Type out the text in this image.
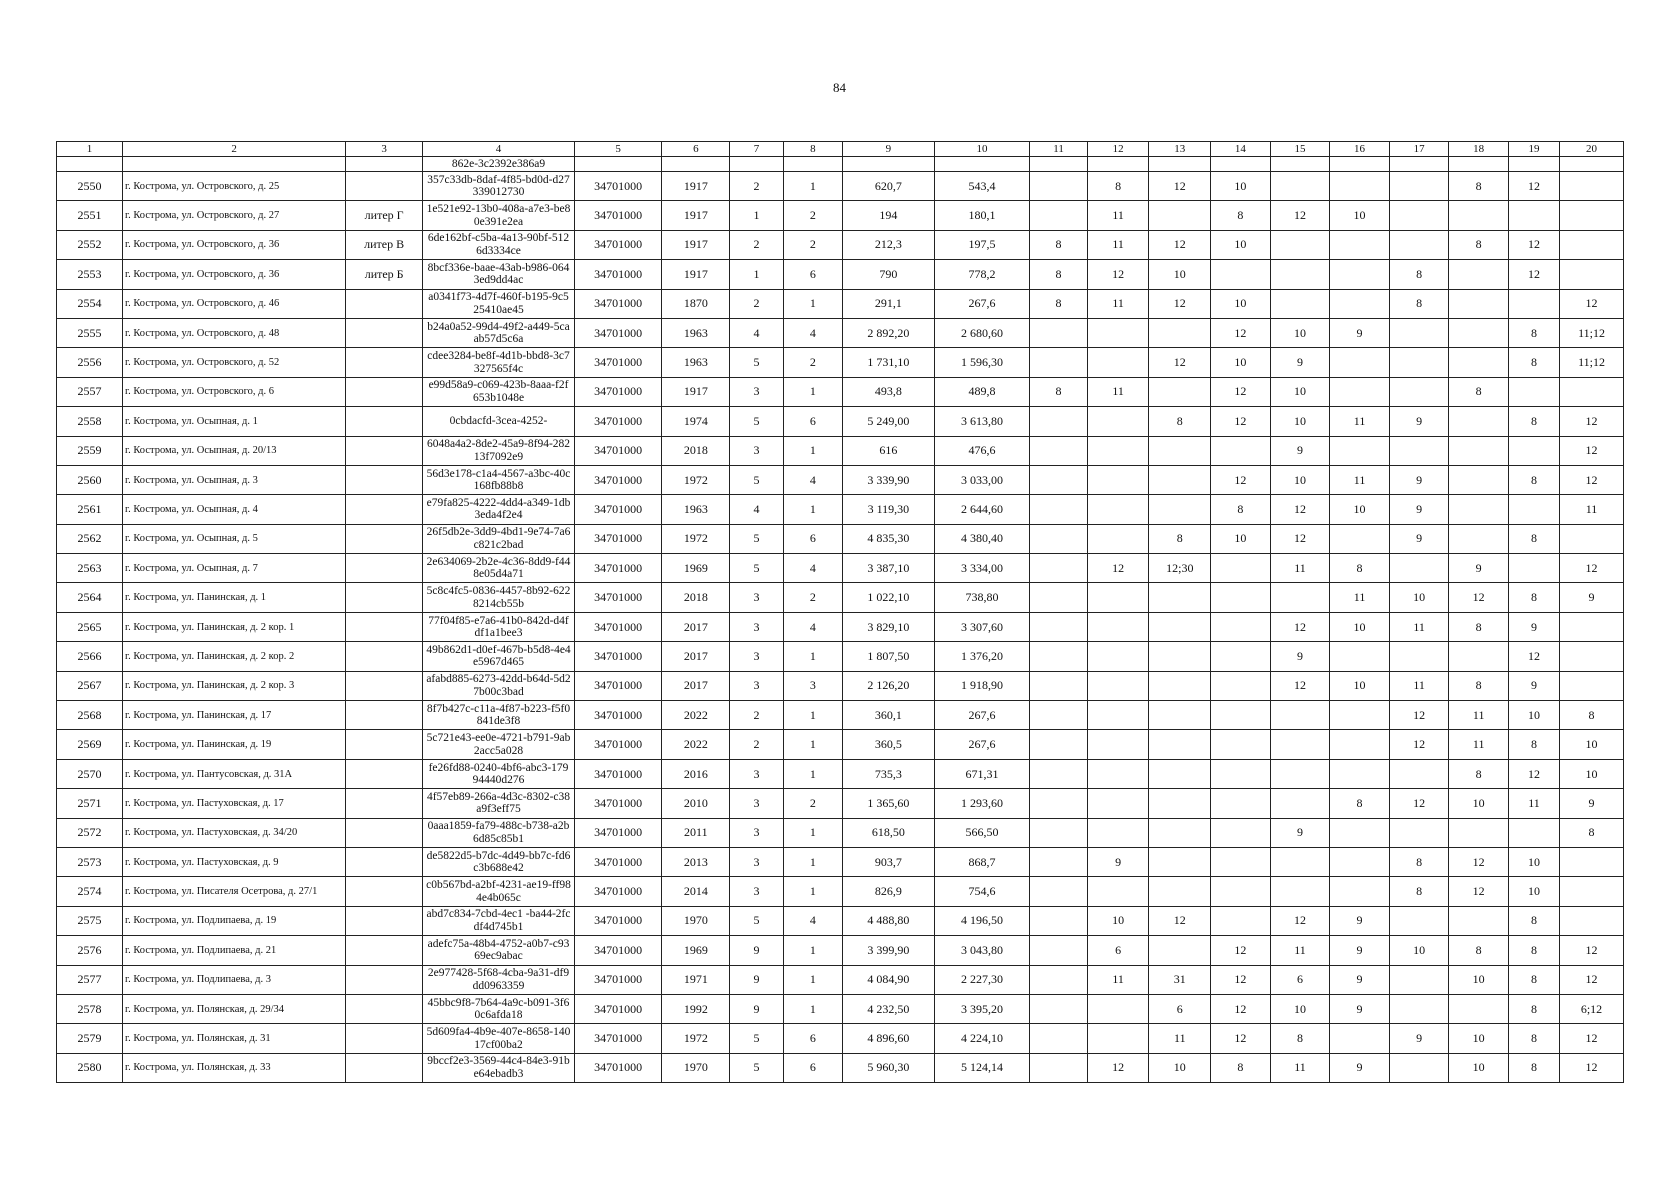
84
1	2	3	4	5	6	7	8	9	10	11	12	13	14	15	16	17	18	19	20
			862e-3c2392e386a9																
2550	г. Кострома, ул. Островского, д. 25		357c33db-8daf-4f85-bd0d-d27339012730	34701000	1917	2	1	620,7	543,4		8	12	10				8	12	
2551	г. Кострома, ул. Островского, д. 27	литер Г	1e521e92-13b0-408a-a7e3-be80e391e2ea	34701000	1917	1	2	194	180,1		11		8	12	10				
2552	г. Кострома, ул. Островского, д. 36	литер В	6de162bf-c5ba-4a13-90bf-5126d3334ce	34701000	1917	2	2	212,3	197,5	8	11	12	10				8	12	
2553	г. Кострома, ул. Островского, д. 36	литер Б	8bcf336e-baae-43ab-b986-0643ed9dd4ac	34701000	1917	1	6	790	778,2	8	12	10				8		12	
2554	г. Кострома, ул. Островского, д. 46		a0341f73-4d7f-460f-b195-9c525410ae45	34701000	1870	2	1	291,1	267,6	8	11	12	10			8			12
2555	г. Кострома, ул. Островского, д. 48		b24a0a52-99d4-49f2-a449-5caab57d5c6a	34701000	1963	4	4	2 892,20	2 680,60				12	10	9			8	11;12
2556	г. Кострома, ул. Островского, д. 52		cdee3284-be8f-4d1b-bbd8-3c7327565f4c	34701000	1963	5	2	1 731,10	1 596,30			12	10	9				8	11;12
2557	г. Кострома, ул. Островского, д. 6		e99d58a9-c069-423b-8aaa-f2f653b1048e	34701000	1917	3	1	493,8	489,8	8	11		12	10			8		
2558	г. Кострома, ул. Осыпная, д. 1		0cbdacfd-3cea-4252-	34701000	1974	5	6	5 249,00	3 613,80			8	12	10	11	9		8	12
2559	г. Кострома, ул. Осыпная, д. 20/13		6048a4a2-8de2-45a9-8f94-28213f7092e9	34701000	2018	3	1	616	476,6					9					12
2560	г. Кострома, ул. Осыпная, д. 3		56d3e178-c1a4-4567-a3bc-40c168fb88b8	34701000	1972	5	4	3 339,90	3 033,00				12	10	11	9		8	12
2561	г. Кострома, ул. Осыпная, д. 4		e79fa825-4222-4dd4-a349-1db3eda4f2e4	34701000	1963	4	1	3 119,30	2 644,60				8	12	10	9			11
2562	г. Кострома, ул. Осыпная, д. 5		26f5db2e-3dd9-4bd1-9e74-7a6c821c2bad	34701000	1972	5	6	4 835,30	4 380,40			8	10	12		9		8	
2563	г. Кострома, ул. Осыпная, д. 7		2e634069-2b2e-4c36-8dd9-f448e05d4a71	34701000	1969	5	4	3 387,10	3 334,00		12	12;30		11	8		9		12
2564	г. Кострома, ул. Панинская, д. 1		5c8c4fc5-0836-4457-8b92-6228214cb55b	34701000	2018	3	2	1 022,10	738,80						11	10	12	8	9
2565	г. Кострома, ул. Панинская, д. 2 кор. 1		77f04f85-e7a6-41b0-842d-d4fdf1a1bee3	34701000	2017	3	4	3 829,10	3 307,60					12	10	11	8	9	
2566	г. Кострома, ул. Панинская, д. 2 кор. 2		49b862d1-d0ef-467b-b5d8-4e4e5967d465	34701000	2017	3	1	1 807,50	1 376,20					9				12	
2567	г. Кострома, ул. Панинская, д. 2 кор. 3		afabd885-6273-42dd-b64d-5d27b00c3bad	34701000	2017	3	3	2 126,20	1 918,90					12	10	11	8	9	
2568	г. Кострома, ул. Панинская, д. 17		8f7b427c-c11a-4f87-b223-f5f0841de3f8	34701000	2022	2	1	360,1	267,6							12	11	10	8
2569	г. Кострома, ул. Панинская, д. 19		5c721e43-ee0e-4721-b791-9ab2acc5a028	34701000	2022	2	1	360,5	267,6							12	11	8	10
2570	г. Кострома, ул. Пантусовская, д. 31А		fe26fd88-0240-4bf6-abc3-17994440d276	34701000	2016	3	1	735,3	671,31								8	12	10
2571	г. Кострома, ул. Пастуховская, д. 17		4f57eb89-266a-4d3c-8302-c38a9f3eff75	34701000	2010	3	2	1 365,60	1 293,60						8	12	10	11	9
2572	г. Кострома, ул. Пастуховская, д. 34/20		0aaa1859-fa79-488c-b738-a2b6d85c85b1	34701000	2011	3	1	618,50	566,50					9					8
2573	г. Кострома, ул. Пастуховская, д. 9		de5822d5-b7dc-4d49-bb7c-fd6c3b688e42	34701000	2013	3	1	903,7	868,7		9					8	12	10	
2574	г. Кострома, ул. Писателя Осетрова, д. 27/1		c0b567bd-a2bf-4231-ae19-ff984e4b065c	34701000	2014	3	1	826,9	754,6							8	12	10	
2575	г. Кострома, ул. Подлипаева, д. 19		abd7c834-7cbd-4ec1 -ba44-2fcdf4d745b1	34701000	1970	5	4	4 488,80	4 196,50		10	12		12	9			8	
2576	г. Кострома, ул. Подлипаева, д. 21		adefc75a-48b4-4752-a0b7-c9369ec9abac	34701000	1969	9	1	3 399,90	3 043,80		6		12	11	9	10	8	8	12
2577	г. Кострома, ул. Подлипаева, д. 3		2e977428-5f68-4cba-9a31-df9dd0963359	34701000	1971	9	1	4 084,90	2 227,30		11	31	12	6	9		10	8	12
2578	г. Кострома, ул. Полянская, д. 29/34		45bbc9f8-7b64-4a9c-b091-3f60c6afda18	34701000	1992	9	1	4 232,50	3 395,20			6	12	10	9			8	6;12
2579	г. Кострома, ул. Полянская, д. 31		5d609fa4-4b9e-407e-8658-14017cf00ba2	34701000	1972	5	6	4 896,60	4 224,10			11	12	8		9	10	8	12
2580	г. Кострома, ул. Полянская, д. 33		9bccf2e3-3569-44c4-84e3-91be64ebadb3	34701000	1970	5	6	5 960,30	5 124,14		12	10	8	11	9		10	8	12
